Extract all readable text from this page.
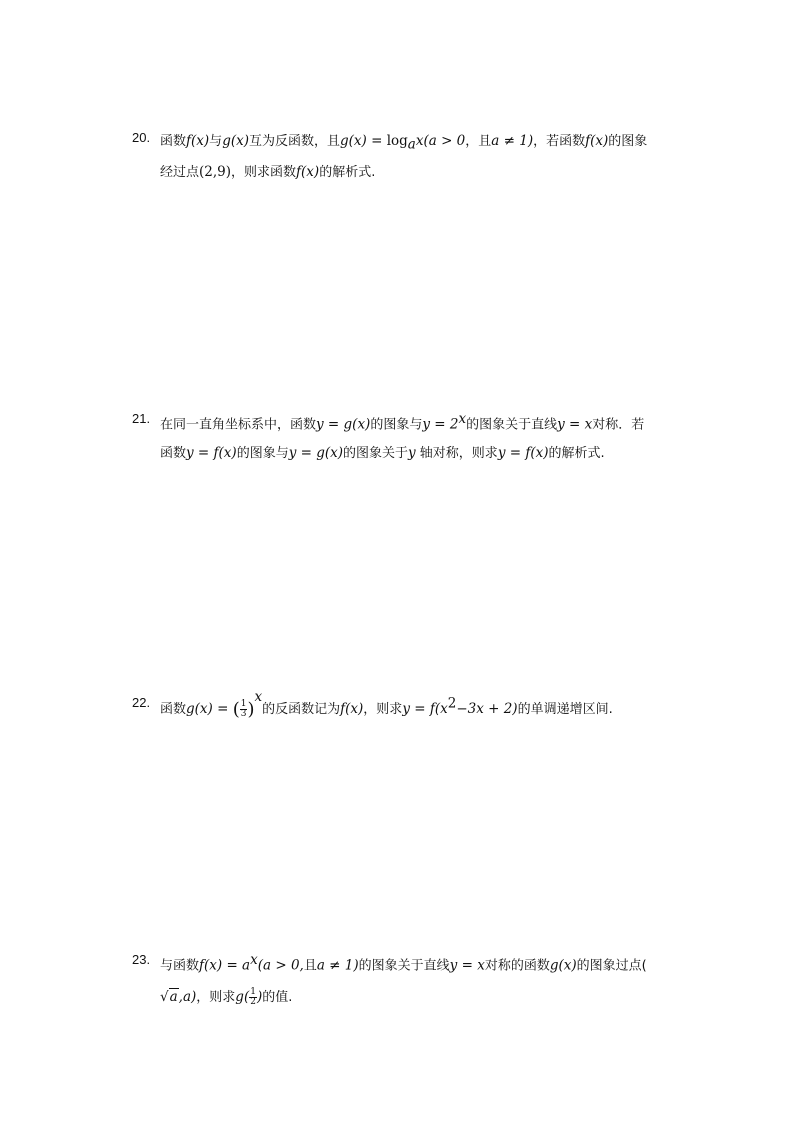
20. 函数f(x)与g(x)互为反函数，且$g(x) = \log_ax(a > 0$，且a ≠ 1)，若函数f(x)的图象
经过点(2,9)，则求函数f(x)的解析式.
21. 在同一直角坐标系中，函数y = g(x)的图象与$y = 2^x$的图象关于直线y = x对称．若
函数y = f(x)的图象与y = g(x)的图象关于y 轴对称，则求y = f(x)的解析式.
22. 函数g(x) = ( $\frac{1}{3} )^x$的反函数记为f(x)，则求$y = f(x^2-3x + 2)$的单调递增区间.
23. 与函数$f(x) = a^x(a > 0$,且a ≠ 1)的图象关于直线y = x对称的函数g(x)的图象过点(
√a,a)，则求$g( \frac{1}{2}$ )的值.
